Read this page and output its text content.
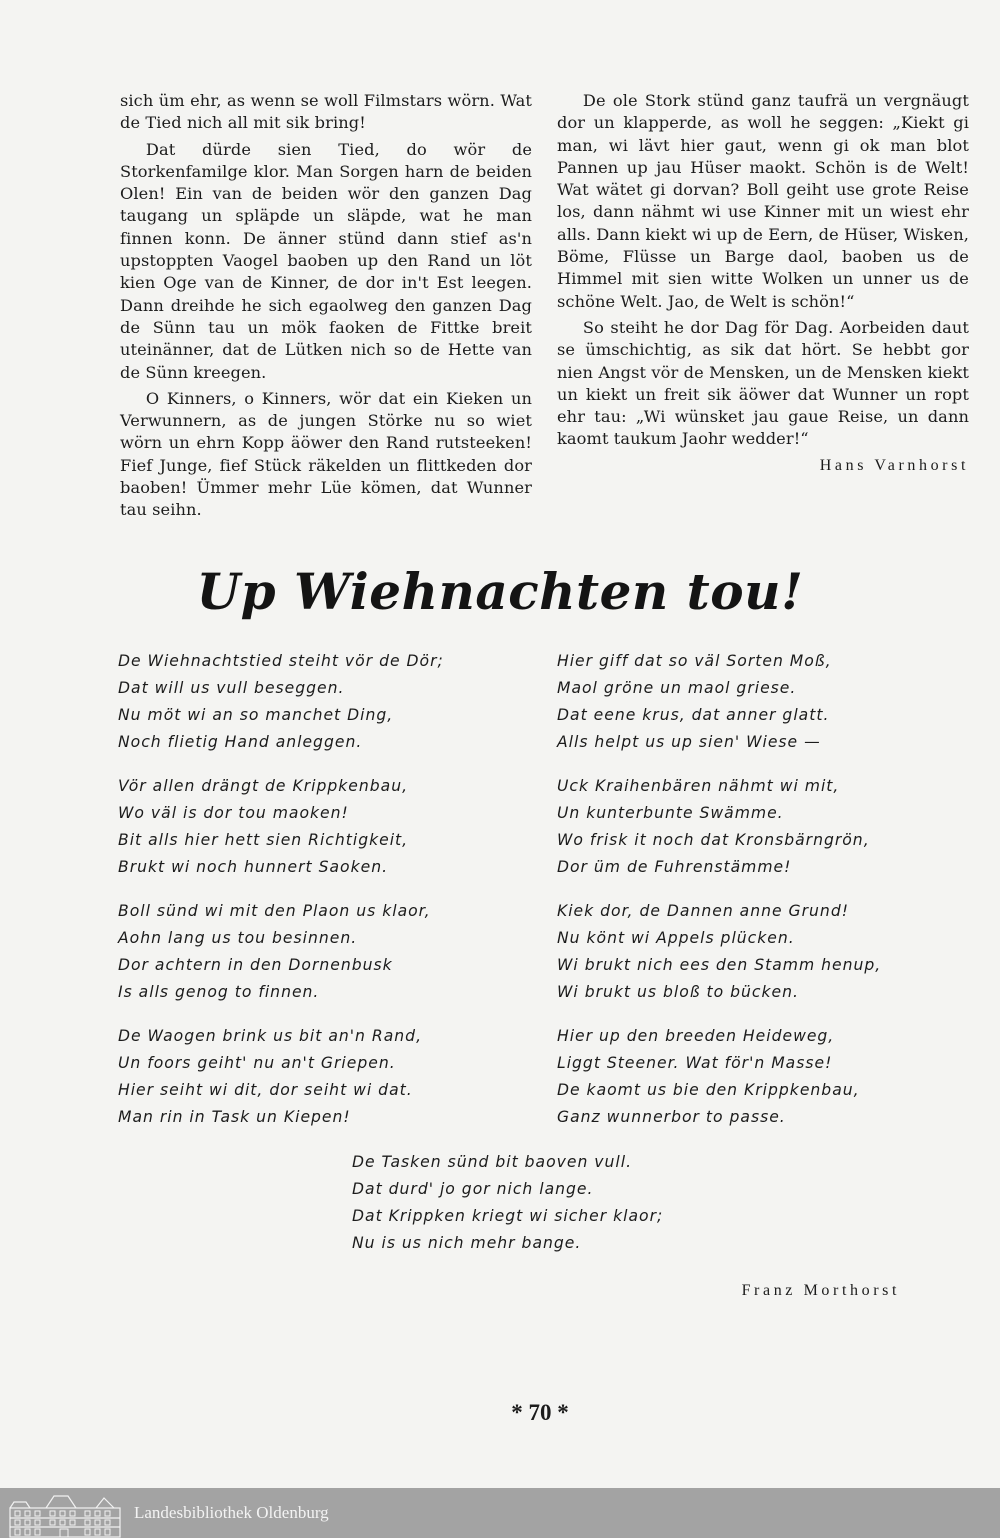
sich üm ehr, as wenn se woll Filmstars wörn. Wat de Tied nich all mit sik bring!

Dat dürde sien Tied, do wör de Storkenfamilge klor. Man Sorgen harn de beiden Olen! Ein van de beiden wör den ganzen Dag taugang un spläpde un släpde, wat he man finnen konn. De änner stünd dann stief as'n upstoppten Vaogel baoben up den Rand un löt kien Oge van de Kinner, de dor in't Est leegen. Dann dreihde he sich egaolweg den ganzen Dag de Sünn tau un mök faoken de Fittke breit uteinänner, dat de Lütken nich so de Hette van de Sünn kreegen.

O Kinners, o Kinners, wör dat ein Kieken un Verwunnern, as de jungen Störke nu so wiet wörn un ehrn Kopp äöwer den Rand rutsteeken! Fief Junge, fief Stück räkelden un flittkeden dor baoben! Ümmer mehr Lüe kömen, dat Wunner tau seihn.

De ole Stork stünd ganz taufrä un vergnäugt dor un klapperde, as woll he seggen: „Kiekt gi man, wi lävt hier gaut, wenn gi ok man blot Pannen up jau Hüser maokt. Schön is de Welt! Wat wätet gi dorvan? Boll geiht use grote Reise los, dann nähmt wi use Kinner mit un wiest ehr alls. Dann kiekt wi up de Eern, de Hüser, Wisken, Böme, Flüsse un Barge daol, baoben us de Himmel mit sien witte Wolken un unner us de schöne Welt. Jao, de Welt is schön!“

So steiht he dor Dag för Dag. Aorbeiden daut se ümschichtig, as sik dat hört. Se hebbt gor nien Angst vör de Mensken, un de Mensken kiekt un kiekt un freit sik äöwer dat Wunner un ropt ehr tau: „Wi wünsket jau gaue Reise, un dann kaomt taukum Jaohr wedder!“

Hans Varnhorst
Up Wiehnachten tou!
De Wiehnachtstied steiht vör de Dör;
Dat will us vull beseggen.
Nu möt wi an so manchet Ding,
Noch flietig Hand anleggen.
Vör allen drängt de Krippkenbau,
Wo väl is dor tou maoken!
Bit alls hier hett sien Richtigkeit,
Brukt wi noch hunnert Saoken.
Boll sünd wi mit den Plaon us klaor,
Aohn lang us tou besinnen.
Dor achtern in den Dornenbusk
Is alls genog to finnen.
De Waogen brink us bit an'n Rand,
Un foors geiht' nu an't Griepen.
Hier seiht wi dit, dor seiht wi dat.
Man rin in Task un Kiepen!
Hier giff dat so väl Sorten Moß,
Maol gröne un maol griese.
Dat eene krus, dat anner glatt.
Alls helpt us up sien' Wiese —
Uck Kraihenbären nähmt wi mit,
Un kunterbunte Swämme.
Wo frisk it noch dat Kronsbärngrön,
Dor üm de Fuhrenstämme!
Kiek dor, de Dannen anne Grund!
Nu könt wi Appels plücken.
Wi brukt nich ees den Stamm henup,
Wi brukt us bloß to bücken.
Hier up den breeden Heideweg,
Liggt Steener. Wat för'n Masse!
De kaomt us bie den Krippkenbau,
Ganz wunnerbor to passe.
De Tasken sünd bit baoven vull.
Dat durd' jo gor nich lange.
Dat Krippken kriegt wi sicher klaor;
Nu is us nich mehr bange.
Franz Morthorst
* 70 *
Landesbibliothek Oldenburg
